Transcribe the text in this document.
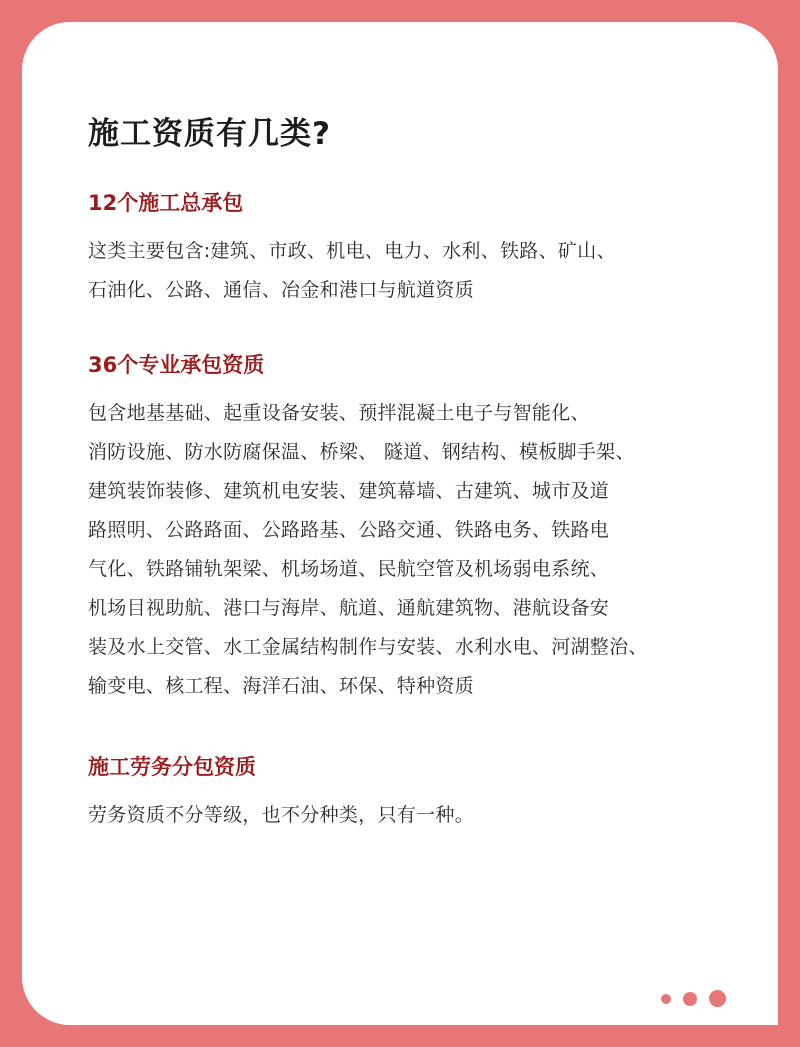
施工资质有几类?
12个施工总承包

这类主要包含:建筑、市政、机电、电力、水利、铁路、矿山、
石油化、公路、通信、冶金和港口与航道资质

36个专业承包资质

包含地基基础、起重设备安装、预拌混凝土电子与智能化、
消防设施、防水防腐保温、桥梁、 隧道、钢结构、模板脚手架、
建筑装饰装修、建筑机电安装、建筑幕墙、古建筑、城市及道
路照明、公路路面、公路路基、公路交通、铁路电务、铁路电
气化、铁路铺轨架梁、机场场道、民航空管及机场弱电系统、
机场目视助航、港口与海岸、航道、通航建筑物、港航设备安
装及水上交管、水工金属结构制作与安装、水利水电、河湖整治、
输变电、核工程、海洋石油、环保、特种资质

施工劳务分包资质

劳务资质不分等级，也不分种类，只有一种。
